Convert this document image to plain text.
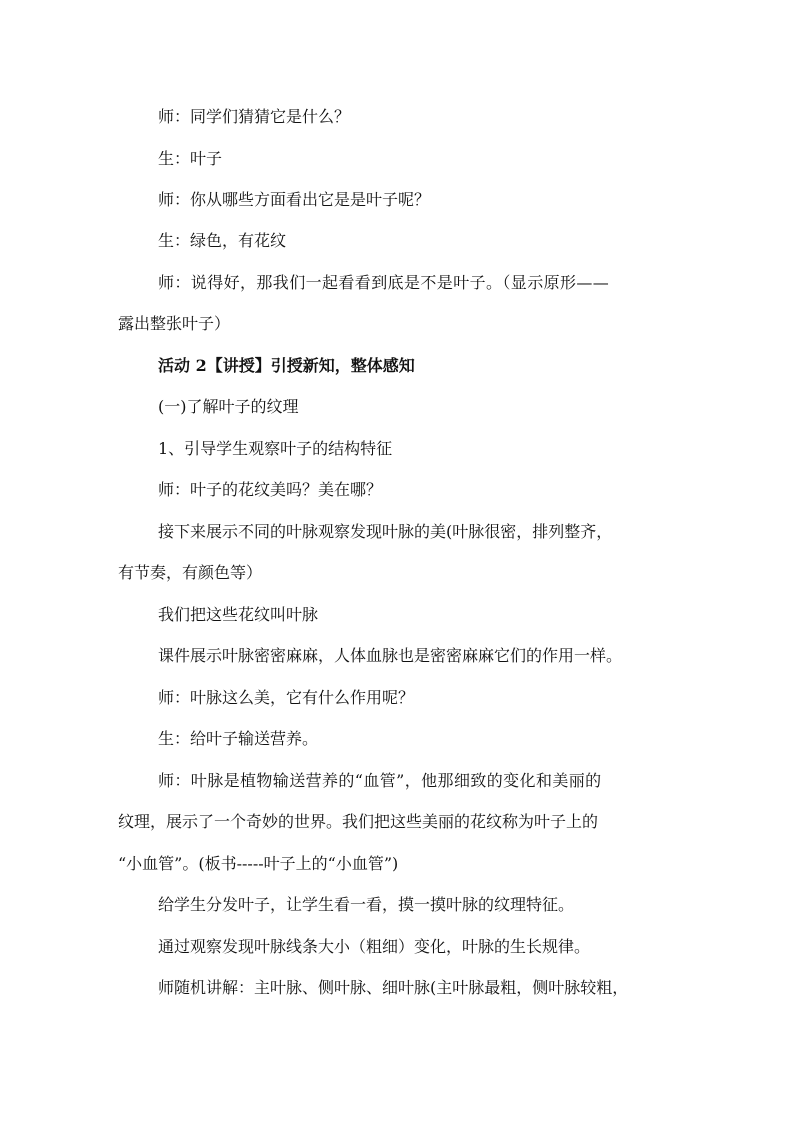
师：同学们猜猜它是什么？
生：叶子
师：你从哪些方面看出它是是叶子呢？
生：绿色，有花纹
师：说得好，那我们一起看看到底是不是叶子。（显示原形——
露出整张叶子）
活动 2【讲授】引授新知，整体感知
(一)了解叶子的纹理
1、引导学生观察叶子的结构特征
师：叶子的花纹美吗？美在哪？
接下来展示不同的叶脉观察发现叶脉的美(叶脉很密，排列整齐，
有节奏，有颜色等）
我们把这些花纹叫叶脉
课件展示叶脉密密麻麻，人体血脉也是密密麻麻它们的作用一样。
师：叶脉这么美，它有什么作用呢？
生：给叶子输送营养。
师：叶脉是植物输送营养的“血管”，他那细致的变化和美丽的
纹理，展示了一个奇妙的世界。我们把这些美丽的花纹称为叶子上的
“小血管”。(板书-----叶子上的“小血管”)
给学生分发叶子，让学生看一看，摸一摸叶脉的纹理特征。
通过观察发现叶脉线条大小（粗细）变化，叶脉的生长规律。
师随机讲解：主叶脉、侧叶脉、细叶脉(主叶脉最粗，侧叶脉较粗，
